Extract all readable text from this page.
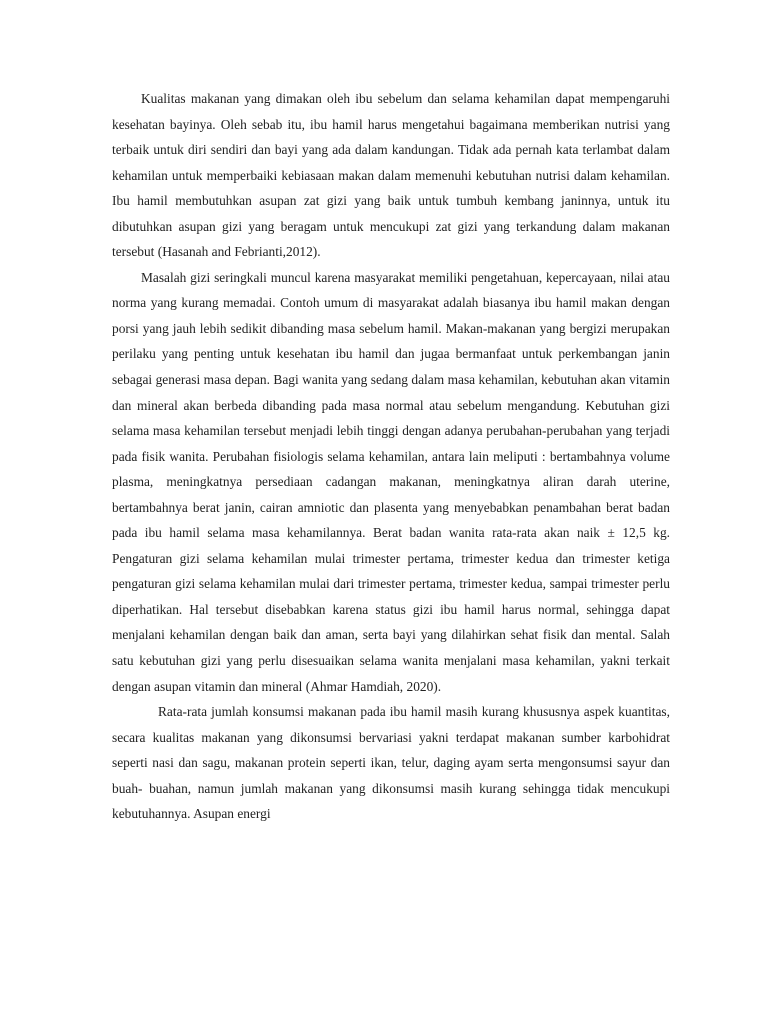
Kualitas makanan yang dimakan oleh ibu sebelum dan selama kehamilan dapat mempengaruhi kesehatan bayinya. Oleh sebab itu, ibu hamil harus mengetahui bagaimana memberikan nutrisi yang terbaik untuk diri sendiri dan bayi yang ada dalam kandungan. Tidak ada pernah kata terlambat dalam kehamilan untuk memperbaiki kebiasaan makan dalam memenuhi kebutuhan nutrisi dalam kehamilan. Ibu hamil membutuhkan asupan zat gizi yang baik untuk tumbuh kembang janinnya, untuk itu dibutuhkan asupan gizi yang beragam untuk mencukupi zat gizi yang terkandung dalam makanan tersebut (Hasanah and Febrianti,2012).

Masalah gizi seringkali muncul karena masyarakat memiliki pengetahuan, kepercayaan, nilai atau norma yang kurang memadai. Contoh umum di masyarakat adalah biasanya ibu hamil makan dengan porsi yang jauh lebih sedikit dibanding masa sebelum hamil. Makan-makanan yang bergizi merupakan perilaku yang penting untuk kesehatan ibu hamil dan jugaa bermanfaat untuk perkembangan janin sebagai generasi masa depan. Bagi wanita yang sedang dalam masa kehamilan, kebutuhan akan vitamin dan mineral akan berbeda dibanding pada masa normal atau sebelum mengandung. Kebutuhan gizi selama masa kehamilan tersebut menjadi lebih tinggi dengan adanya perubahan-perubahan yang terjadi pada fisik wanita. Perubahan fisiologis selama kehamilan, antara lain meliputi : bertambahnya volume plasma, meningkatnya persediaan cadangan makanan, meningkatnya aliran darah uterine, bertambahnya berat janin, cairan amniotic dan plasenta yang menyebabkan penambahan berat badan pada ibu hamil selama masa kehamilannya. Berat badan wanita rata-rata akan naik ± 12,5 kg. Pengaturan gizi selama kehamilan mulai trimester pertama, trimester kedua dan trimester ketiga pengaturan gizi selama kehamilan mulai dari trimester pertama, trimester kedua, sampai trimester perlu diperhatikan. Hal tersebut disebabkan karena status gizi ibu hamil harus normal, sehingga dapat menjalani kehamilan dengan baik dan aman, serta bayi yang dilahirkan sehat fisik dan mental. Salah satu kebutuhan gizi yang perlu disesuaikan selama wanita menjalani masa kehamilan, yakni terkait dengan asupan vitamin dan mineral (Ahmar Hamdiah, 2020).

Rata-rata jumlah konsumsi makanan pada ibu hamil masih kurang khususnya aspek kuantitas, secara kualitas makanan yang dikonsumsi bervariasi yakni terdapat makanan sumber karbohidrat seperti nasi dan sagu, makanan protein seperti ikan, telur, daging ayam serta mengonsumsi sayur dan buah- buahan, namun jumlah makanan yang dikonsumsi masih kurang sehingga tidak mencukupi kebutuhannya. Asupan energi
